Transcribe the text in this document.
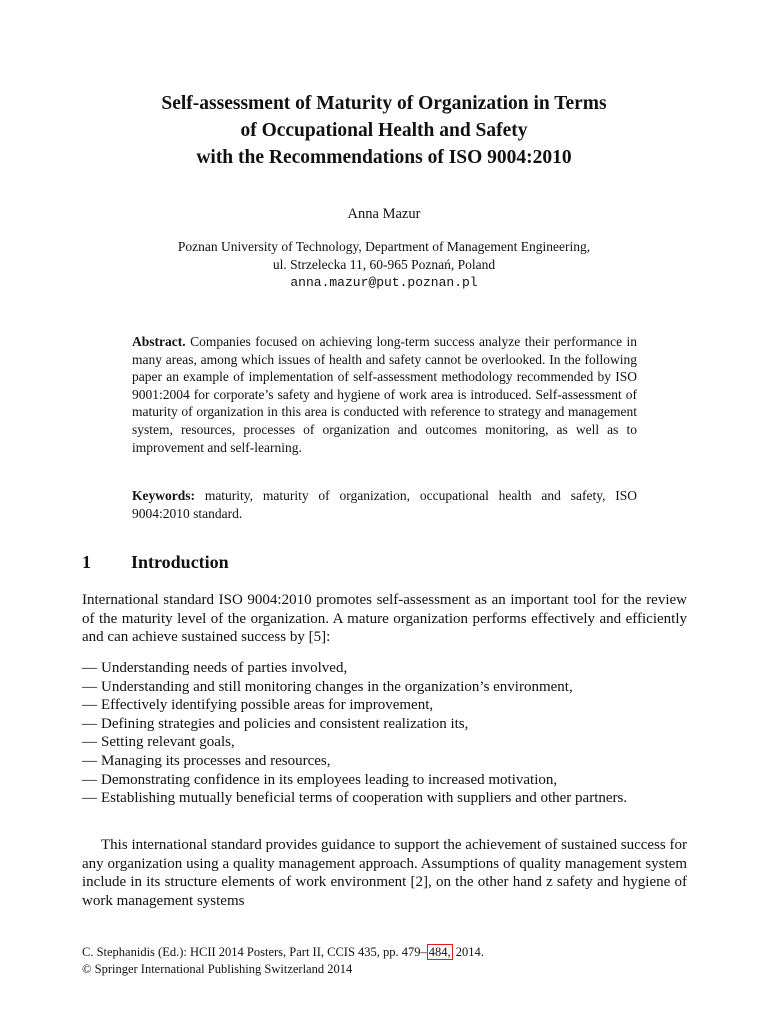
Self-assessment of Maturity of Organization in Terms
of Occupational Health and Safety
with the Recommendations of ISO 9004:2010
Anna Mazur
Poznan University of Technology, Department of Management Engineering,
ul. Strzelecka 11, 60-965 Poznań, Poland
anna.mazur@put.poznan.pl
Abstract. Companies focused on achieving long-term success analyze their performance in many areas, among which issues of health and safety cannot be overlooked. In the following paper an example of implementation of self-assessment methodology recommended by ISO 9001:2004 for corporate’s safety and hygiene of work area is introduced. Self-assessment of maturity of organization in this area is conducted with reference to strategy and management system, resources, processes of organization and outcomes monitoring, as well as to improvement and self-learning.
Keywords: maturity, maturity of organization, occupational health and safety, ISO 9004:2010 standard.
1 Introduction
International standard ISO 9004:2010 promotes self-assessment as an important tool for the review of the maturity level of the organization. A mature organization performs effectively and efficiently and can achieve sustained success by [5]:
— Understanding needs of parties involved,
— Understanding and still monitoring changes in the organization’s environment,
— Effectively identifying possible areas for improvement,
— Defining strategies and policies and consistent realization its,
— Setting relevant goals,
— Managing its processes and resources,
— Demonstrating confidence in its employees leading to increased motivation,
— Establishing mutually beneficial terms of cooperation with suppliers and other partners.
This international standard provides guidance to support the achievement of sustained success for any organization using a quality management approach. Assumptions of quality management system include in its structure elements of work environment [2], on the other hand z safety and hygiene of work management systems
C. Stephanidis (Ed.): HCII 2014 Posters, Part II, CCIS 435, pp. 479– 484, 2014.
© Springer International Publishing Switzerland 2014
